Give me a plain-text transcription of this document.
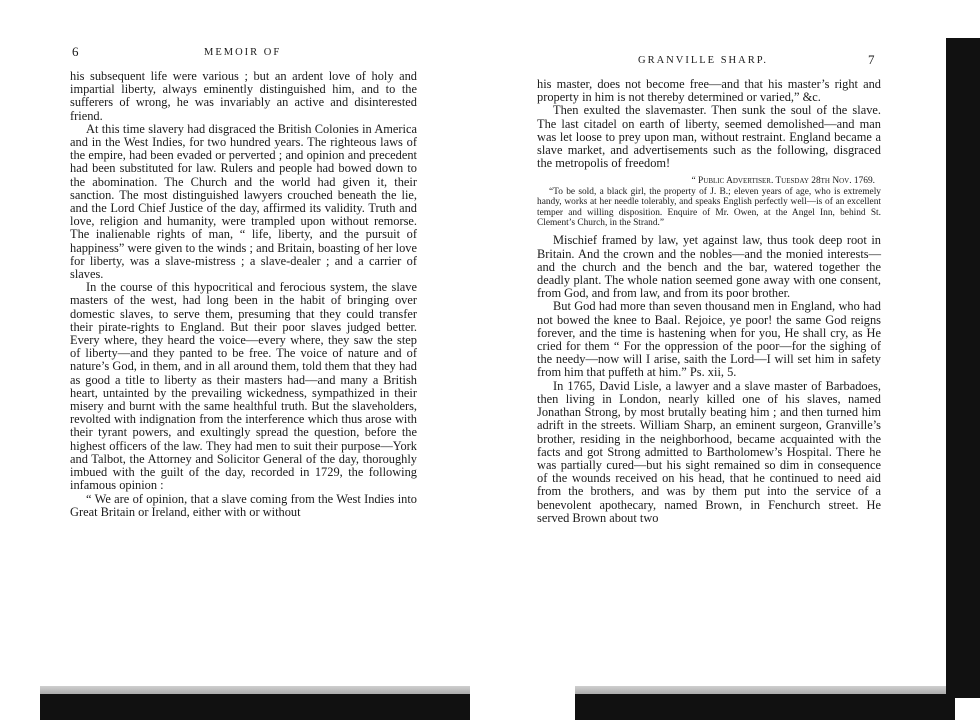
6	MEMOIR OF

his subsequent life were various ; but an ardent love of holy and impartial liberty, always eminently distinguished him, and to the sufferers of wrong, he was invariably an active and disinterested friend.

At this time slavery had disgraced the British Colonies in America and in the West Indies, for two hundred years. The righteous laws of the empire, had been evaded or perverted ; and opinion and precedent had been substituted for law. Rulers and people had bowed down to the abomination. The Church and the world had given it, their sanction. The most distinguished lawyers crouched beneath the lie, and the Lord Chief Justice of the day, affirmed its validity. Truth and love, religion and humanity, were trampled upon without remorse. The inalienable rights of man, “ life, liberty, and the pursuit of happiness” were given to the winds ; and Britain, boasting of her love for liberty, was a slave-mistress ; a slave-dealer ; and a carrier of slaves.

In the course of this hypocritical and ferocious system, the slave masters of the west, had long been in the habit of bringing over domestic slaves, to serve them, presuming that they could transfer their pirate-rights to England. But their poor slaves judged better. Every where, they heard the voice—every where, they saw the step of liberty—and they panted to be free. The voice of nature and of nature’s God, in them, and in all around them, told them that they had as good a title to liberty as their masters had—and many a British heart, untainted by the prevailing wickedness, sympathized in their misery and burnt with the same healthful truth. But the slaveholders, revolted with indignation from the interference which thus arose with their tyrant powers, and exultingly spread the question, before the highest officers of the law. They had men to suit their purpose—York and Talbot, the Attorney and Solicitor General of the day, thoroughly imbued with the guilt of the day, recorded in 1729, the following infamous opinion :

“ We are of opinion, that a slave coming from the West Indies into Great Britain or Ireland, either with or without

GRANVILLE SHARP.	7

his master, does not become free—and that his master’s right and property in him is not thereby determined or varied,” &c.

Then exulted the slavemaster. Then sunk the soul of the slave. The last citadel on earth of liberty, seemed demolished—and man was let loose to prey upon man, without restraint. England became a slave market, and advertisements such as the following, disgraced the metropolis of freedom!

“ Public Advertiser. Tuesday 28th Nov. 1769.
“To be sold, a black girl, the property of J. B.; eleven years of age, who is extremely handy, works at her needle tolerably, and speaks English perfectly well—is of an excellent temper and willing disposition. Enquire of Mr. Owen, at the Angel Inn, behind St. Clement’s Church, in the Strand.”

Mischief framed by law, yet against law, thus took deep root in Britain. And the crown and the nobles—and the monied interests—and the church and the bench and the bar, watered together the deadly plant. The whole nation seemed gone away with one consent, from God, and from law, and from its poor brother.

But God had more than seven thousand men in England, who had not bowed the knee to Baal. Rejoice, ye poor! the same God reigns forever, and the time is hastening when for you, He shall cry, as He cried for them “ For the oppression of the poor—for the sighing of the needy—now will I arise, saith the Lord—I will set him in safety from him that puffeth at him.” Ps. xii, 5.

In 1765, David Lisle, a lawyer and a slave master of Barbadoes, then living in London, nearly killed one of his slaves, named Jonathan Strong, by most brutally beating him ; and then turned him adrift in the streets. William Sharp, an eminent surgeon, Granville’s brother, residing in the neighborhood, became acquainted with the facts and got Strong admitted to Bartholomew’s Hospital. There he was partially cured—but his sight remained so dim in consequence of the wounds received on his head, that he continued to need aid from the brothers, and was by them put into the service of a benevolent apothecary, named Brown, in Fenchurch street. He served Brown about two
